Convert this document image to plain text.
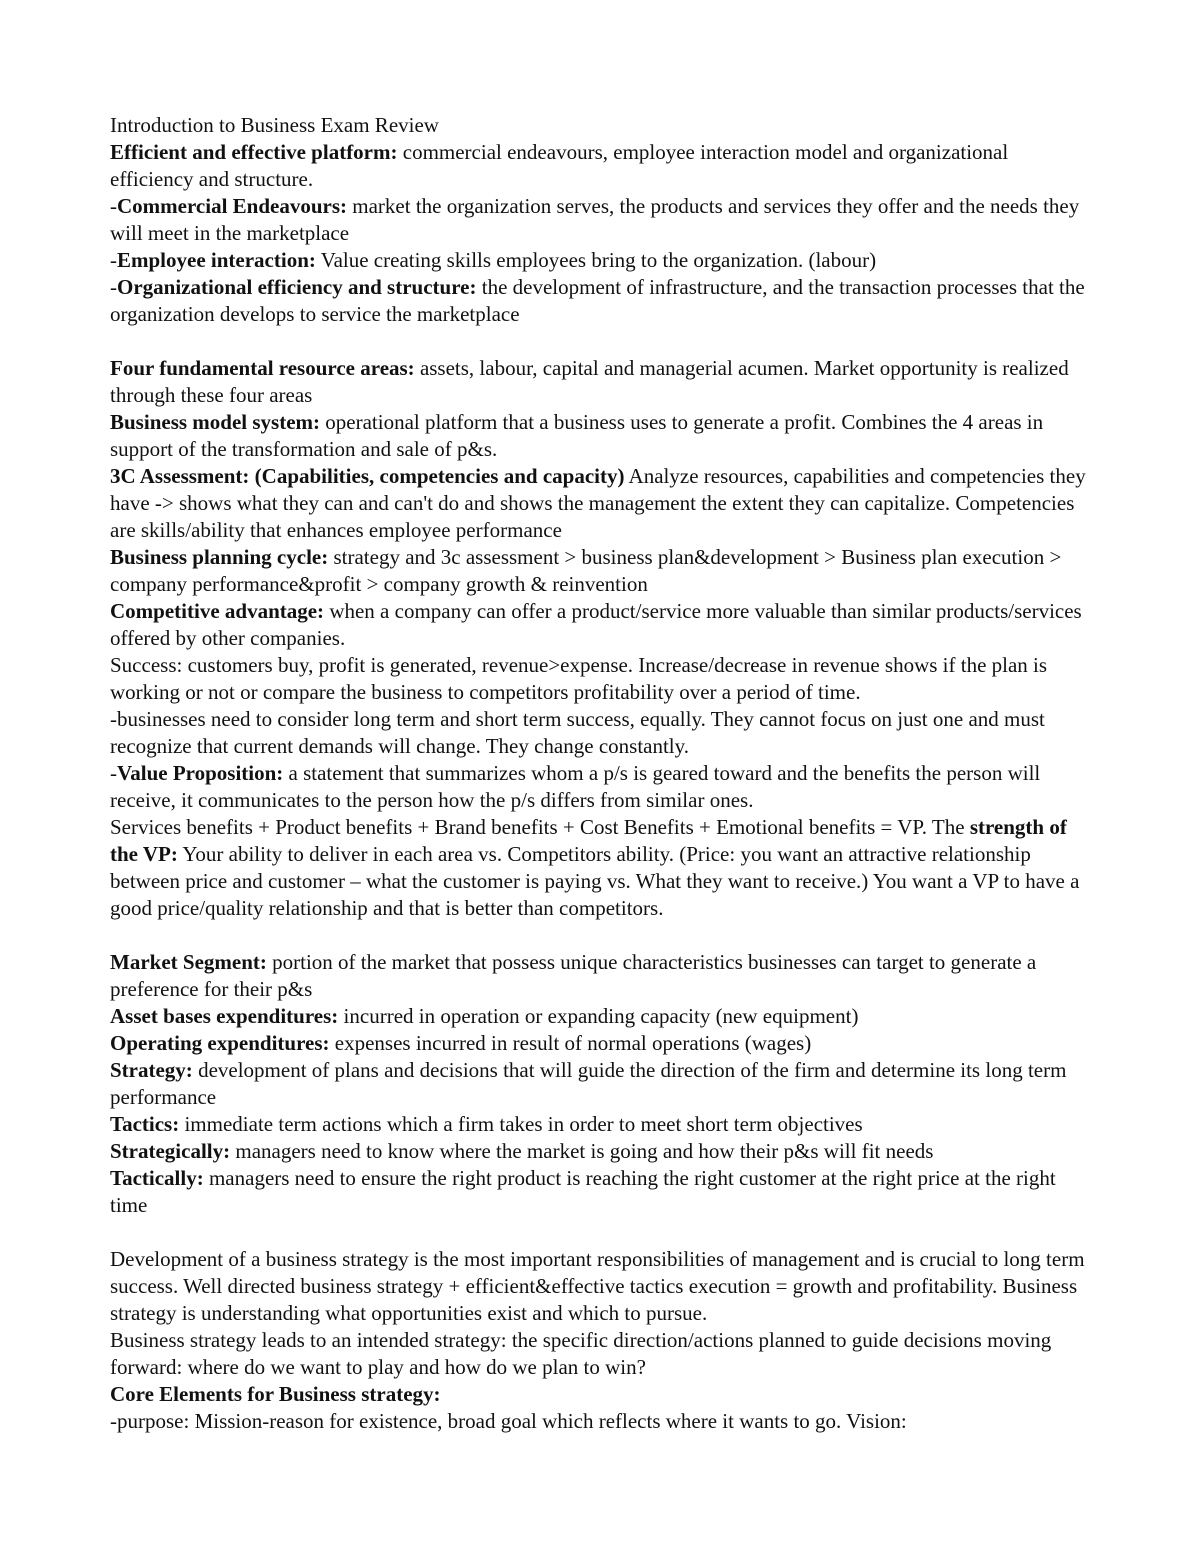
Introduction to Business Exam Review

Efficient and effective platform: commercial endeavours, employee interaction model and organizational efficiency and structure.

-Commercial Endeavours: market the organization serves, the products and services they offer and the needs they will meet in the marketplace

-Employee interaction: Value creating skills employees bring to the organization. (labour)

-Organizational efficiency and structure: the development of infrastructure, and the transaction processes that the organization develops to service the marketplace

Four fundamental resource areas: assets, labour, capital and managerial acumen. Market opportunity is realized through these four areas

Business model system: operational platform that a business uses to generate a profit. Combines the 4 areas in support of the transformation and sale of p&s.

3C Assessment: (Capabilities, competencies and capacity) Analyze resources, capabilities and competencies they have -> shows what they can and can't do and shows the management the extent they can capitalize. Competencies are skills/ability that enhances employee performance

Business planning cycle: strategy and 3c assessment > business plan&development > Business plan execution > company performance&profit > company growth & reinvention

Competitive advantage: when a company can offer a product/service more valuable than similar products/services offered by other companies.

Success: customers buy, profit is generated, revenue>expense. Increase/decrease in revenue shows if the plan is working or not or compare the business to competitors profitability over a period of time.

-businesses need to consider long term and short term success, equally. They cannot focus on just one and must recognize that current demands will change. They change constantly.

-Value Proposition: a statement that summarizes whom a p/s is geared toward and the benefits the person will receive, it communicates to the person how the p/s differs from similar ones.

Services benefits + Product benefits + Brand benefits + Cost Benefits + Emotional benefits = VP. The strength of the VP: Your ability to deliver in each area vs. Competitors ability. (Price: you want an attractive relationship between price and customer – what the customer is paying vs. What they want to receive.) You want a VP to have a good price/quality relationship and that is better than competitors.

Market Segment: portion of the market that possess unique characteristics businesses can target to generate a preference for their p&s

Asset bases expenditures: incurred in operation or expanding capacity (new equipment)

Operating expenditures: expenses incurred in result of normal operations (wages)

Strategy: development of plans and decisions that will guide the direction of the firm and determine its long term performance

Tactics: immediate term actions which a firm takes in order to meet short term objectives

Strategically: managers need to know where the market is going and how their p&s will fit needs

Tactically: managers need to ensure the right product is reaching the right customer at the right price at the right time

Development of a business strategy is the most important responsibilities of management and is crucial to long term success. Well directed business strategy + efficient&effective tactics execution = growth and profitability. Business strategy is understanding what opportunities exist and which to pursue.

Business strategy leads to an intended strategy: the specific direction/actions planned to guide decisions moving forward: where do we want to play and how do we plan to win?

Core Elements for Business strategy:

-purpose: Mission-reason for existence, broad goal which reflects where it wants to go. Vision:
